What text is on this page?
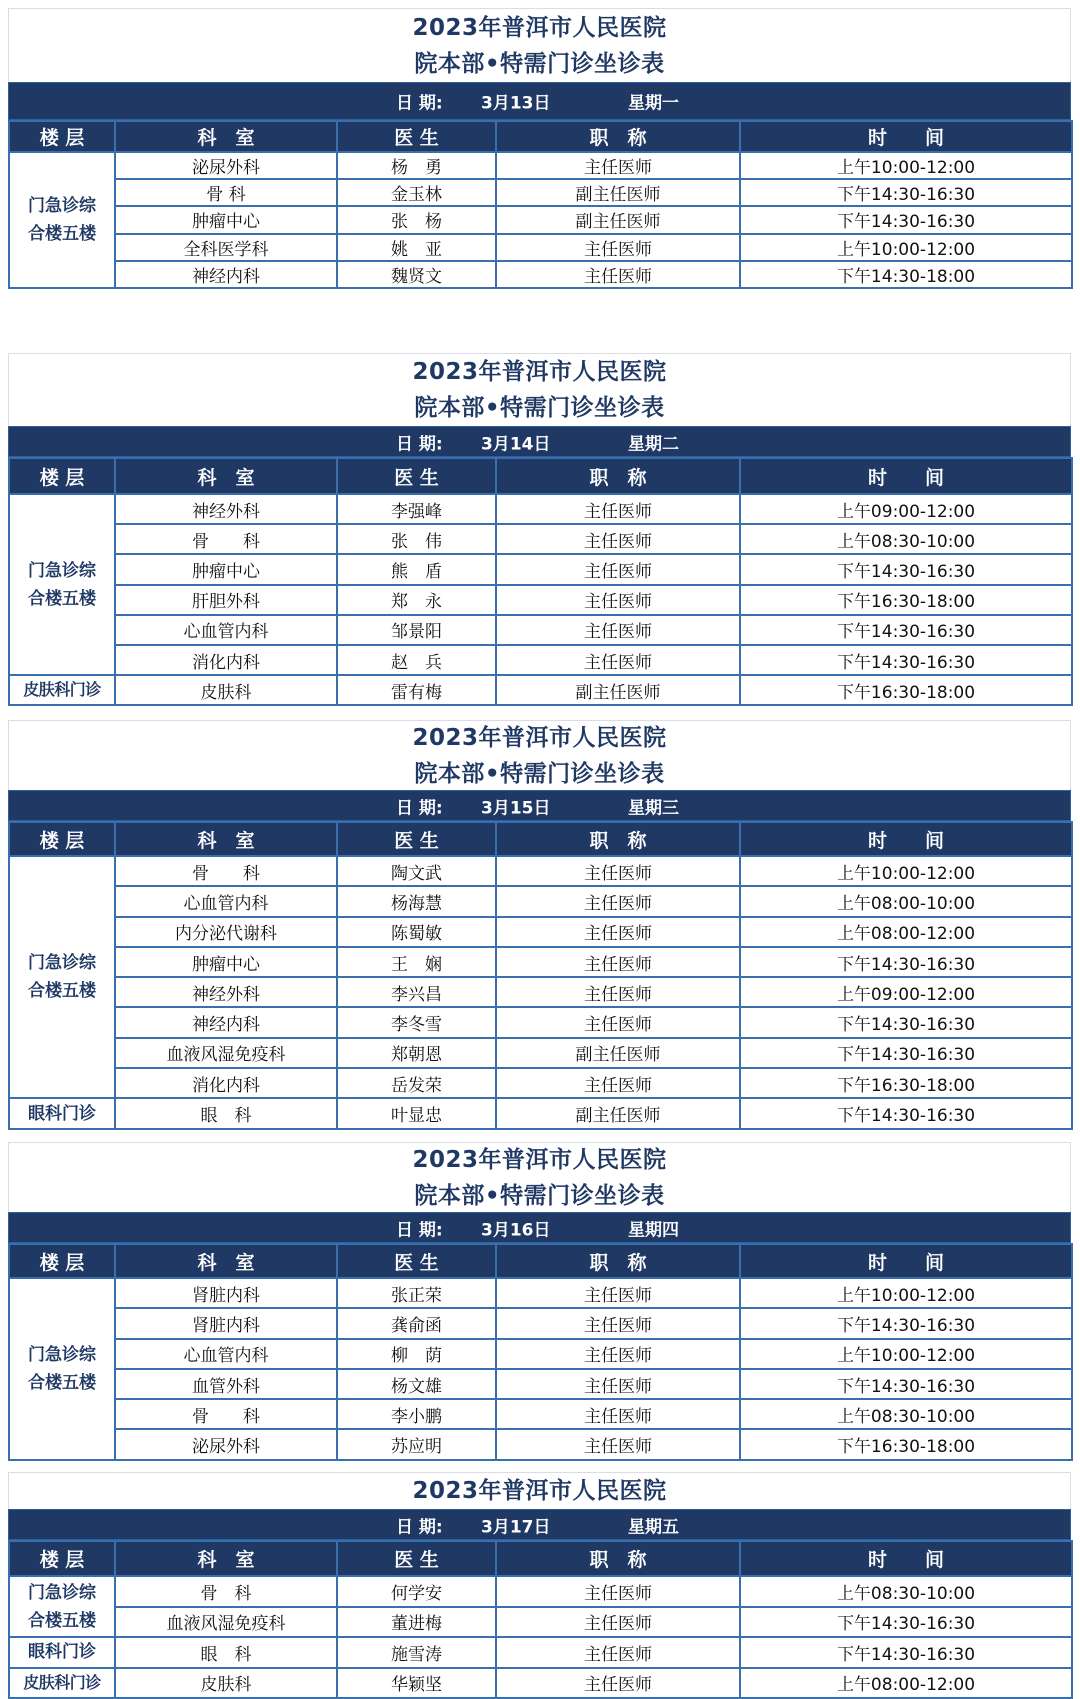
2023年普洱市人民医院
院本部•特需门诊坐诊表
日 期: 3月13日	星期一
楼 层	科　室	医 生	职　称	时　　间
门急诊综
合楼五楼	泌尿外科	杨　勇	主任医师	上午10:00-12:00
	骨 科	金玉林	副主任医师	下午14:30-16:30
	肿瘤中心	张　杨	副主任医师	下午14:30-16:30
	全科医学科	姚　亚	主任医师	上午10:00-12:00
	神经内科	魏贤文	主任医师	下午14:30-18:00
2023年普洱市人民医院
院本部•特需门诊坐诊表
日 期: 3月14日	星期二
楼 层	科　室	医 生	职　称	时　　间
门急诊综
合楼五楼	神经外科	李强峰	主任医师	上午09:00-12:00
	骨　　科	张　伟	主任医师	上午08:30-10:00
	肿瘤中心	熊　盾	主任医师	下午14:30-16:30
	肝胆外科	郑　永	主任医师	下午16:30-18:00
	心血管内科	邹景阳	主任医师	下午14:30-16:30
	消化内科	赵　兵	主任医师	下午14:30-16:30
皮肤科门诊	皮肤科	雷有梅	副主任医师	下午16:30-18:00
2023年普洱市人民医院
院本部•特需门诊坐诊表
日 期: 3月15日	星期三
楼 层	科　室	医 生	职　称	时　　间
门急诊综
合楼五楼	骨　　科	陶文武	主任医师	上午10:00-12:00
	心血管内科	杨海慧	主任医师	上午08:00-10:00
	内分泌代谢科	陈蜀敏	主任医师	上午08:00-12:00
	肿瘤中心	王　娴	主任医师	下午14:30-16:30
	神经外科	李兴昌	主任医师	上午09:00-12:00
	神经内科	李冬雪	主任医师	下午14:30-16:30
	血液风湿免疫科	郑朝恩	副主任医师	下午14:30-16:30
	消化内科	岳发荣	主任医师	下午16:30-18:00
眼科门诊	眼　科	叶显忠	副主任医师	下午14:30-16:30
2023年普洱市人民医院
院本部•特需门诊坐诊表
日 期: 3月16日	星期四
楼 层	科　室	医 生	职　称	时　　间
门急诊综
合楼五楼	肾脏内科	张正荣	主任医师	上午10:00-12:00
	肾脏内科	龚俞函	主任医师	下午14:30-16:30
	心血管内科	柳　荫	主任医师	上午10:00-12:00
	血管外科	杨文雄	主任医师	下午14:30-16:30
	骨　　科	李小鹏	主任医师	上午08:30-10:00
	泌尿外科	苏应明	主任医师	下午16:30-18:00
2023年普洱市人民医院
日 期: 3月17日	星期五
楼 层	科　室	医 生	职　称	时　　间
门急诊综
合楼五楼	骨　科	何学安	主任医师	上午08:30-10:00
	血液风湿免疫科	董进梅	主任医师	下午14:30-16:30
眼科门诊	眼　科	施雪涛	主任医师	下午14:30-16:30
皮肤科门诊	皮肤科	华颖坚	主任医师	上午08:00-12:00
